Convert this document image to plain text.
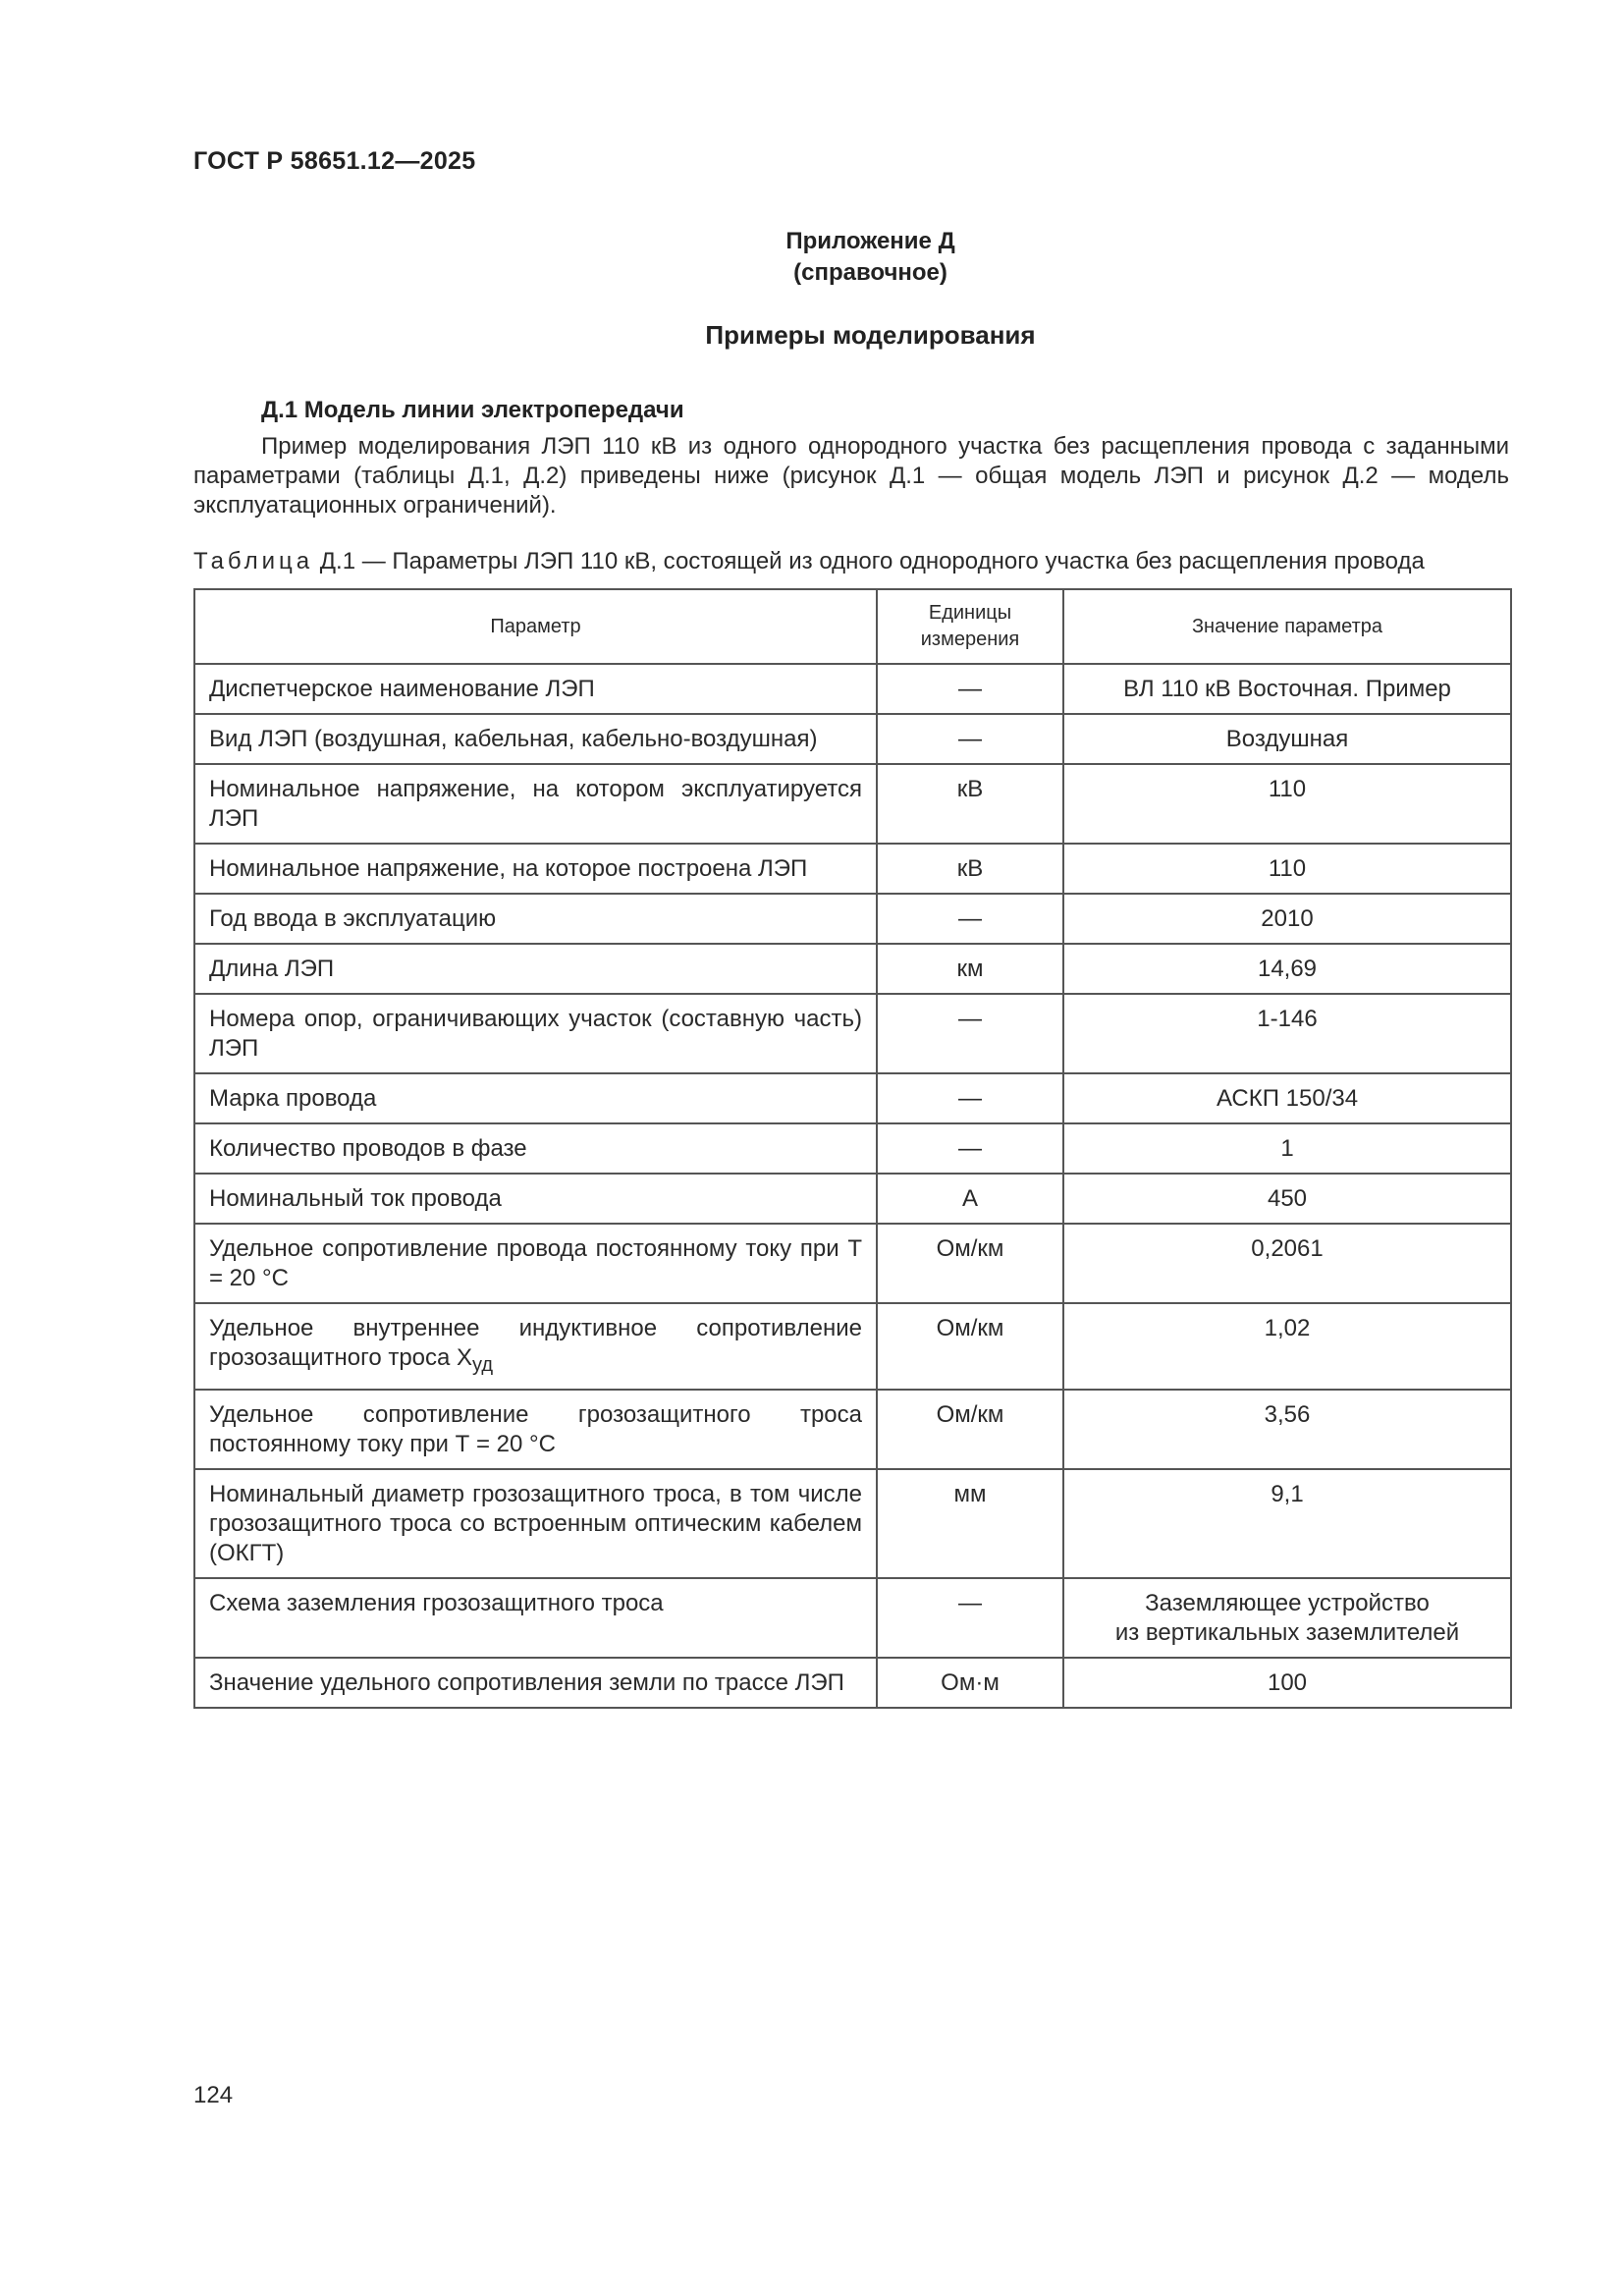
ГОСТ Р 58651.12—2025
Приложение Д
(справочное)
Примеры моделирования
Д.1 Модель линии электропередачи
Пример моделирования ЛЭП 110 кВ из одного однородного участка без расщепления провода с заданными параметрами (таблицы Д.1, Д.2) приведены ниже (рисунок Д.1 — общая модель ЛЭП и рисунок Д.2 — модель эксплуатационных ограничений).
Таблица Д.1 — Параметры ЛЭП 110 кВ, состоящей из одного однородного участка без расщепления провода
Параметр	Единицы измерения	Значение параметра
Диспетчерское наименование ЛЭП	—	ВЛ 110 кВ Восточная. Пример
Вид ЛЭП (воздушная, кабельная, кабельно-воздушная)	—	Воздушная
Номинальное напряжение, на котором эксплуатируется ЛЭП	кВ	110
Номинальное напряжение, на которое построена ЛЭП	кВ	110
Год ввода в эксплуатацию	—	2010
Длина ЛЭП	км	14,69
Номера опор, ограничивающих участок (составную часть) ЛЭП	—	1-146
Марка провода	—	АСКП 150/34
Количество проводов в фазе	—	1
Номинальный ток провода	А	450
Удельное сопротивление провода постоянному току при Т = 20 °С	Ом/км	0,2061
Удельное внутреннее индуктивное сопротивление грозозащитного троса $X_{уд}$	Ом/км	1,02
Удельное сопротивление грозозащитного троса постоянному току при Т = 20 °С	Ом/км	3,56
Номинальный диаметр грозозащитного троса, в том числе грозозащитного троса со встроенным оптическим кабелем (ОКГТ)	мм	9,1
Схема заземления грозозащитного троса	—	Заземляющее устройство
из вертикальных заземлителей

Значение удельного сопротивления земли по трассе ЛЭП	Ом·м	100
124
